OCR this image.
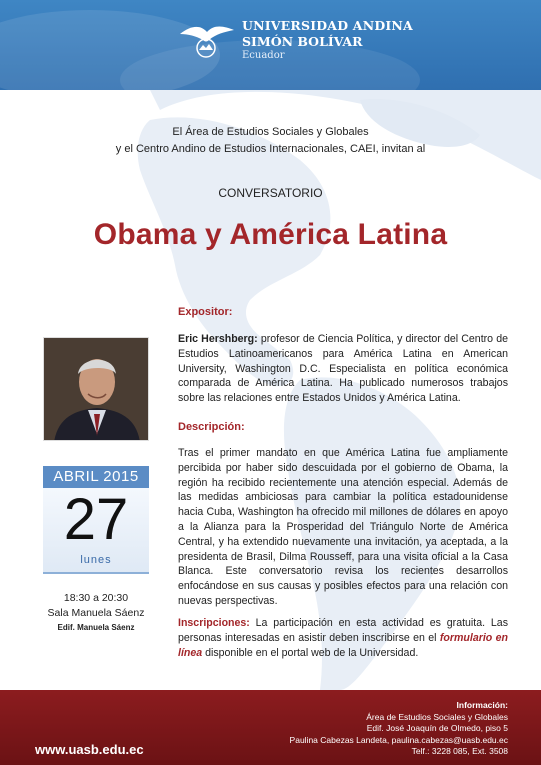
UNIVERSIDAD ANDINA
SIMÓN BOLÍVAR
Ecuador
El Área de Estudios Sociales y Globales
y el Centro Andino de Estudios Internacionales, CAEI, invitan al
CONVERSATORIO
Obama y América Latina
Expositor:
Eric Hershberg: profesor de Ciencia Política, y director del Centro de Estudios Latinoamericanos para América Latina en American University, Washington D.C. Especialista en política económica comparada de América Latina. Ha publicado numerosos trabajos sobre las relaciones entre Estados Unidos y América Latina.
Descripción:
Tras el primer mandato en que América Latina fue ampliamente percibida por haber sido descuidada por el gobierno de Obama, la región ha recibido recientemente una atención especial. Además de las medidas ambiciosas para cambiar la política estadounidense hacia Cuba, Washington ha ofrecido mil millones de dólares en apoyo a la Alianza para la Prosperidad del Triángulo Norte de América Central, y ha extendido nuevamente una invitación, ya aceptada, a la presidenta de Brasil, Dilma Rousseff, para una visita oficial a la Casa Blanca. Este conversatorio revisa los recientes desarrollos enfocándose en sus causas y posibles efectos para una relación con nuevas perspectivas.
Inscripciones: La participación en esta actividad es gratuita. Las personas interesadas en asistir deben inscribirse en el formulario en línea disponible en el portal web de la Universidad.
ABRIL 2015
27
lunes
18:30 a 20:30
Sala Manuela Sáenz
Edif. Manuela Sáenz
www.uasb.edu.ec
Información:
Área de Estudios Sociales y Globales
Edif. José Joaquín de Olmedo, piso 5
Paulina Cabezas Landeta, paulina.cabezas@uasb.edu.ec
Telf.: 3228 085, Ext. 3508
